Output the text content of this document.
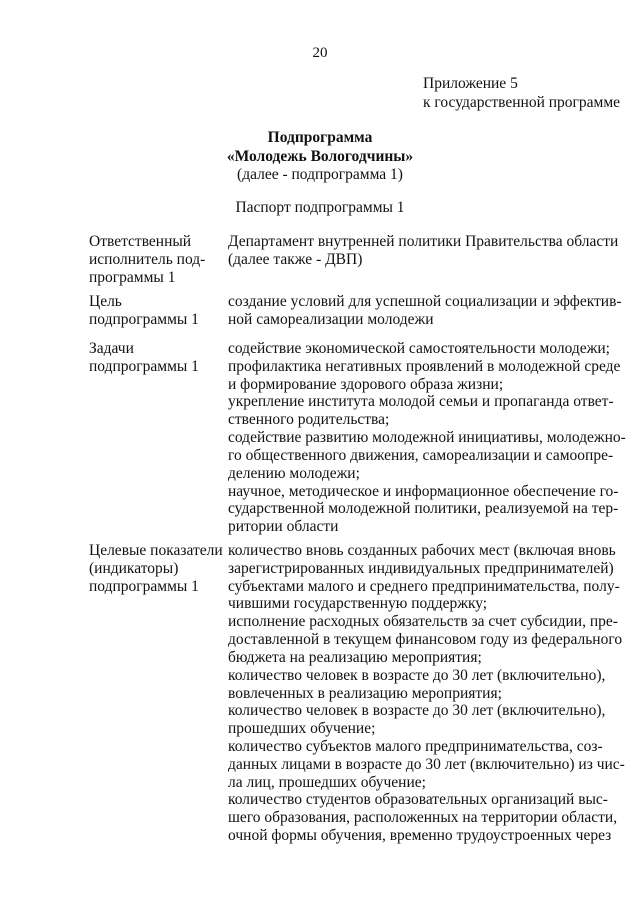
20
Приложение 5
к государственной программе
Подпрограмма
«Молодежь Вологодчины»
(далее - подпрограмма 1)
Паспорт подпрограммы 1
Ответственный
исполнитель под-
программы 1
Департамент внутренней политики Правительства области
(далее также - ДВП)
Цель
подпрограммы 1
создание условий для успешной социализации и эффектив-
ной самореализации молодежи
Задачи
подпрограммы 1
содействие экономической самостоятельности молодежи;
профилактика негативных проявлений в молодежной среде
и формирование здорового образа жизни;
укрепление института молодой семьи и пропаганда ответ-
ственного родительства;
содействие развитию молодежной инициативы, молодежно-
го общественного движения, самореализации и самоопре-
делению молодежи;
научное, методическое и информационное обеспечение го-
сударственной молодежной политики, реализуемой на тер-
ритории области
Целевые показатели
(индикаторы)
подпрограммы 1
количество вновь созданных рабочих мест (включая вновь
зарегистрированных индивидуальных предпринимателей)
субъектами малого и среднего предпринимательства, полу-
чившими государственную поддержку;
исполнение расходных обязательств за счет субсидии, пре-
доставленной в текущем финансовом году из федерального
бюджета на реализацию мероприятия;
количество человек в возрасте до 30 лет (включительно),
вовлеченных в реализацию мероприятия;
количество человек в возрасте до 30 лет (включительно),
прошедших обучение;
количество субъектов малого предпринимательства, соз-
данных лицами в возрасте до 30 лет (включительно) из чис-
ла лиц, прошедших обучение;
количество студентов образовательных организаций выс-
шего образования, расположенных на территории области,
очной формы обучения, временно трудоустроенных через
